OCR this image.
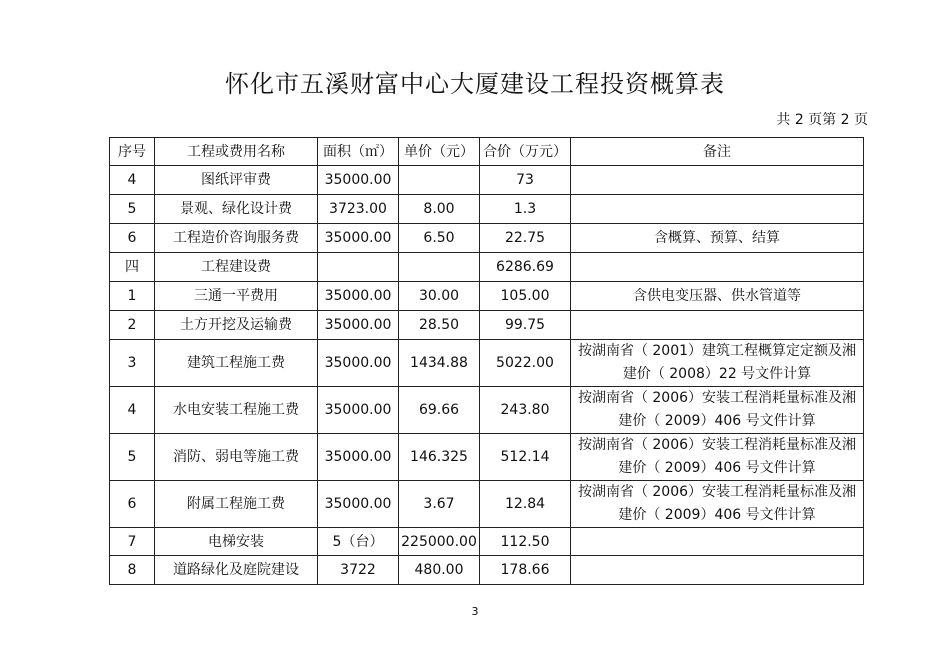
怀化市五溪财富中心大厦建设工程投资概算表
共 2 页第 2 页
序号	工程或费用名称	面积（㎡）	单价（元）	合价（万元）	备注
4	图纸评审费	35000.00		73	
5	景观、绿化设计费	3723.00	8.00	1.3	
6	工程造价咨询服务费	35000.00	6.50	22.75	含概算、预算、结算
四	工程建设费			6286.69	
1	三通一平费用	35000.00	30.00	105.00	含供电变压器、供水管道等
2	土方开挖及运输费	35000.00	28.50	99.75	
3	建筑工程施工费	35000.00	1434.88	5022.00	按湖南省（ 2001）建筑工程概算定定额及湘建价（ 2008）22 号文件计算
4	水电安装工程施工费	35000.00	69.66	243.80	按湖南省（ 2006）安装工程消耗量标准及湘建价（ 2009）406 号文件计算
5	消防、弱电等施工费	35000.00	146.325	512.14	按湖南省（ 2006）安装工程消耗量标准及湘建价（ 2009）406 号文件计算
6	附属工程施工费	35000.00	3.67	12.84	按湖南省（ 2006）安装工程消耗量标准及湘建价（ 2009）406 号文件计算
7	电梯安装	5（台）	225000.00	112.50	
8	道路绿化及庭院建设	3722	480.00	178.66	
3
